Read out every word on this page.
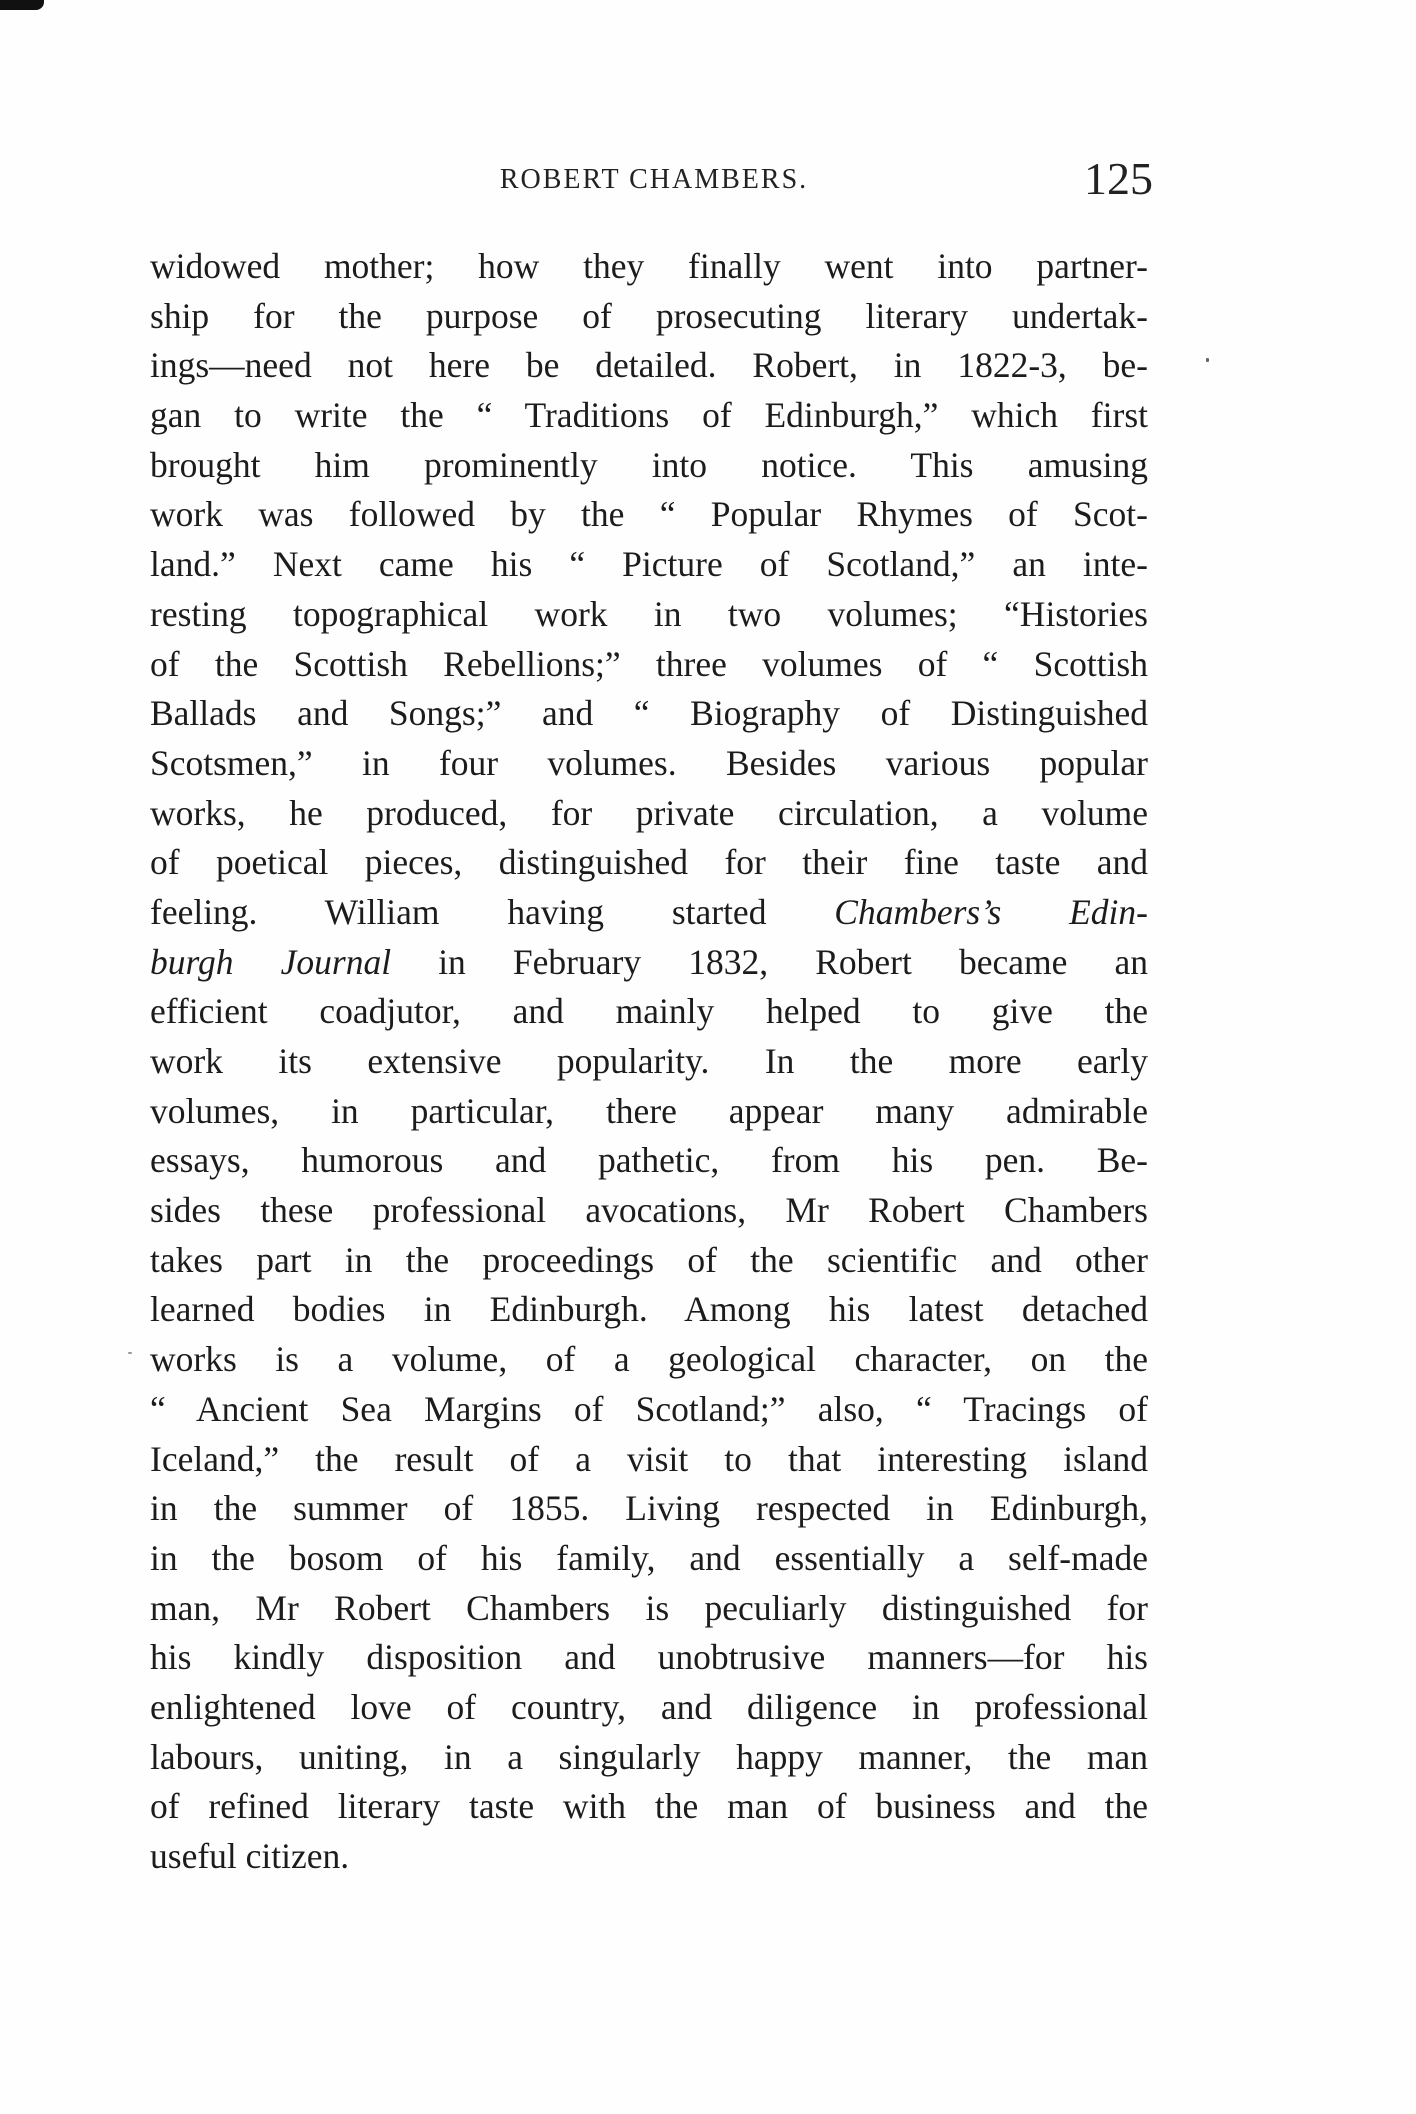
ROBERT CHAMBERS.	125
widowed mother; how they finally went into partner-
ship for the purpose of prosecuting literary undertak-
ings—need not here be detailed. Robert, in 1822-3, be-
gan to write the “ Traditions of Edinburgh,” which first
brought him prominently into notice. This amusing
work was followed by the “ Popular Rhymes of Scot-
land.” Next came his “ Picture of Scotland,” an inte-
resting topographical work in two volumes; “Histories
of the Scottish Rebellions;” three volumes of “ Scottish
Ballads and Songs;” and “ Biography of Distinguished
Scotsmen,” in four volumes. Besides various popular
works, he produced, for private circulation, a volume
of poetical pieces, distinguished for their fine taste and
feeling. William having started Chambers’s Edin-
burgh Journal in February 1832, Robert became an
efficient coadjutor, and mainly helped to give the
work its extensive popularity. In the more early
volumes, in particular, there appear many admirable
essays, humorous and pathetic, from his pen. Be-
sides these professional avocations, Mr Robert Chambers
takes part in the proceedings of the scientific and other
learned bodies in Edinburgh. Among his latest detached
works is a volume, of a geological character, on the
“ Ancient Sea Margins of Scotland;” also, “ Tracings of
Iceland,” the result of a visit to that interesting island
in the summer of 1855. Living respected in Edinburgh,
in the bosom of his family, and essentially a self-made
man, Mr Robert Chambers is peculiarly distinguished for
his kindly disposition and unobtrusive manners—for his
enlightened love of country, and diligence in professional
labours, uniting, in a singularly happy manner, the man
of refined literary taste with the man of business and the
useful citizen.
